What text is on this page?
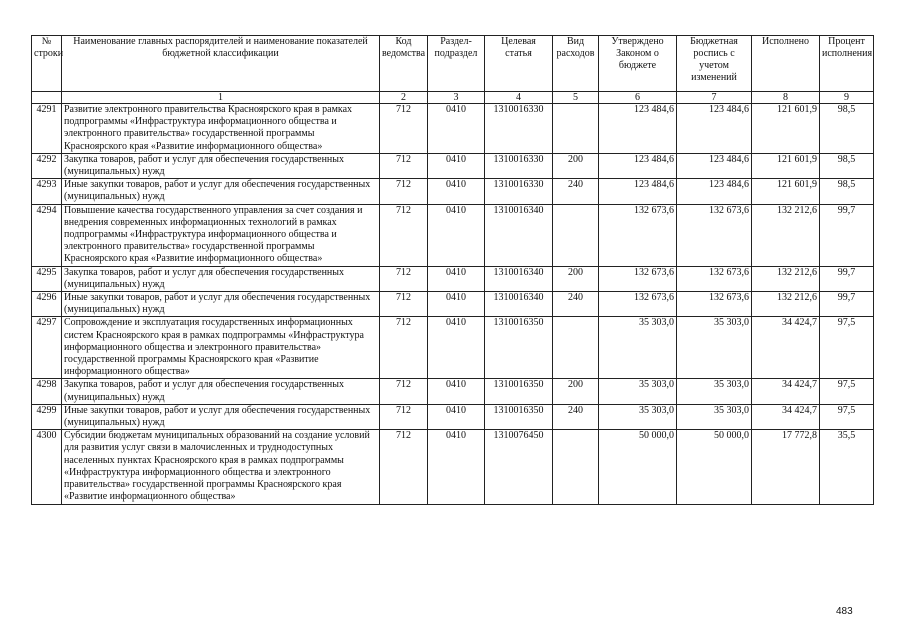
№ строки	Наименование главных распорядителей и наименование показателей бюджетной классификации	Код ведомства	Раздел- подраздел	Целевая статья	Вид расходов	Утверждено Законом о бюджете	Бюджетная роспись с учетом изменений	Исполнено	Процент исполнения
	1	2	3	4	5	6	7	8	9
4291	Развитие электронного правительства Красноярского края в рамках подпрограммы «Инфраструктура информационного общества и электронного правительства» государственной программы Красноярского края «Развитие информационного общества»	712	0410	1310016330		123 484,6	123 484,6	121 601,9	98,5
4292	Закупка товаров, работ и услуг для обеспечения государственных (муниципальных) нужд	712	0410	1310016330	200	123 484,6	123 484,6	121 601,9	98,5
4293	Иные закупки товаров, работ и услуг для обеспечения государственных (муниципальных) нужд	712	0410	1310016330	240	123 484,6	123 484,6	121 601,9	98,5
4294	Повышение качества государственного управления за счет создания и внедрения современных информационных технологий в рамках подпрограммы «Инфраструктура информационного общества и электронного правительства» государственной программы Красноярского края «Развитие информационного общества»	712	0410	1310016340		132 673,6	132 673,6	132 212,6	99,7
4295	Закупка товаров, работ и услуг для обеспечения государственных (муниципальных) нужд	712	0410	1310016340	200	132 673,6	132 673,6	132 212,6	99,7
4296	Иные закупки товаров, работ и услуг для обеспечения государственных (муниципальных) нужд	712	0410	1310016340	240	132 673,6	132 673,6	132 212,6	99,7
4297	Сопровождение и эксплуатация государственных информационных систем Красноярского края в рамках подпрограммы «Инфраструктура информационного общества и электронного правительства» государственной программы Красноярского края «Развитие информационного общества»	712	0410	1310016350		35 303,0	35 303,0	34 424,7	97,5
4298	Закупка товаров, работ и услуг для обеспечения государственных (муниципальных) нужд	712	0410	1310016350	200	35 303,0	35 303,0	34 424,7	97,5
4299	Иные закупки товаров, работ и услуг для обеспечения государственных (муниципальных) нужд	712	0410	1310016350	240	35 303,0	35 303,0	34 424,7	97,5
4300	Субсидии бюджетам муниципальных образований на создание условий для развития услуг связи в малочисленных и труднодоступных населенных пунктах Красноярского края в рамках подпрограммы «Инфраструктура информационного общества и электронного правительства» государственной программы Красноярского края «Развитие информационного общества»	712	0410	1310076450		50 000,0	50 000,0	17 772,8	35,5
483
